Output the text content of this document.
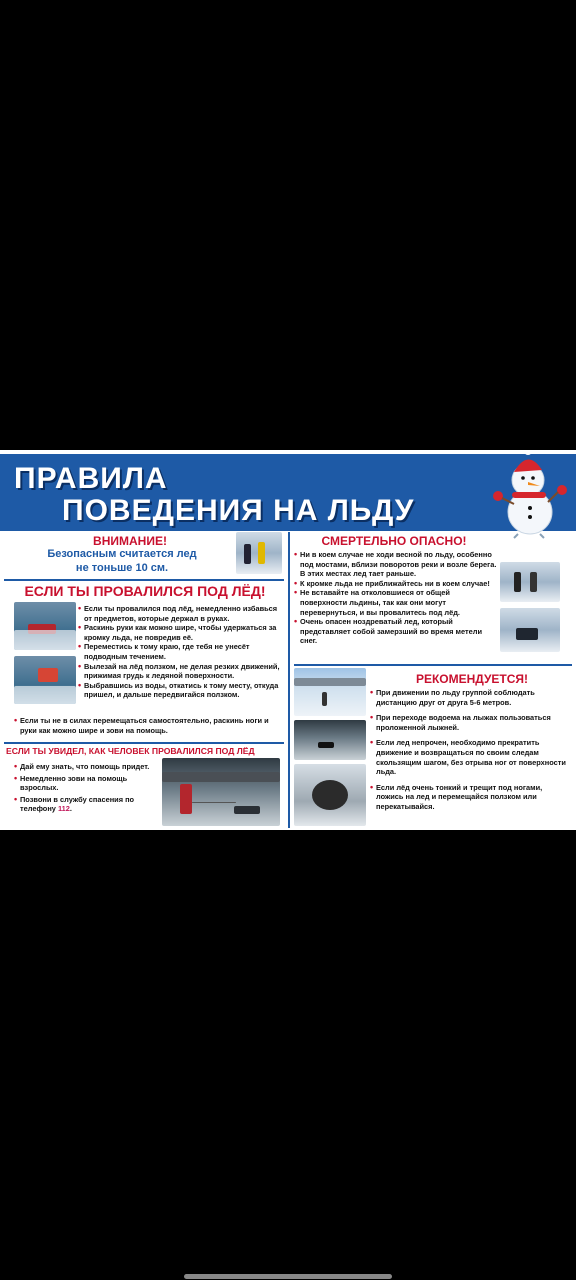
ПРАВИЛА
ПОВЕДЕНИЯ НА ЛЬДУ
ВНИМАНИЕ!
Безопасным считается лед
не тоньше 10 см.
ЕСЛИ ТЫ ПРОВАЛИЛСЯ ПОД ЛЁД!
• Если ты провалился под лёд, немедленно избавься от предметов, которые держал в руках.
• Раскинь руки как можно шире, чтобы удержаться за кромку льда, не повредив её.
• Переместись к тому краю, где тебя не унесёт подводным течением.
• Вылезай на лёд ползком, не делая резких движений, прижимая грудь к ледяной поверхности.
• Выбравшись из воды, откатись к тому месту, откуда пришел, и дальше передвигайся ползком.
• Если ты не в силах перемещаться самостоятельно, раскинь ноги и руки как можно шире и зови на помощь.
ЕСЛИ ТЫ УВИДЕЛ, КАК ЧЕЛОВЕК ПРОВАЛИЛСЯ ПОД ЛЁД
• Дай ему знать, что помощь придет.
• Немедленно зови на помощь взрослых.
• Позвони в службу спасения по телефону 112.
СМЕРТЕЛЬНО ОПАСНО!
• Ни в коем случае не ходи весной по льду, особенно под мостами, вблизи поворотов реки и возле берега. В этих местах лед тает раньше.
• К кромке льда не приближайтесь ни в коем случае!
• Не вставайте на отколовшиеся от общей поверхности льдины, так как они могут перевернуться, и вы провалитесь под лёд.
• Очень опасен ноздреватый лед, который представляет собой замерзший во время метели снег.
РЕКОМЕНДУЕТСЯ!
• При движении по льду группой соблюдать дистанцию друг от друга 5-6 метров.
• При переходе водоема на лыжах пользоваться проложенной лыжней.
• Если лед непрочен, необходимо прекратить движение и возвращаться по своим следам скользящим шагом, без отрыва ног от поверхности льда.
• Если лёд очень тонкий и трещит под ногами, ложись на лед и перемещайся ползком или перекатывайся.
